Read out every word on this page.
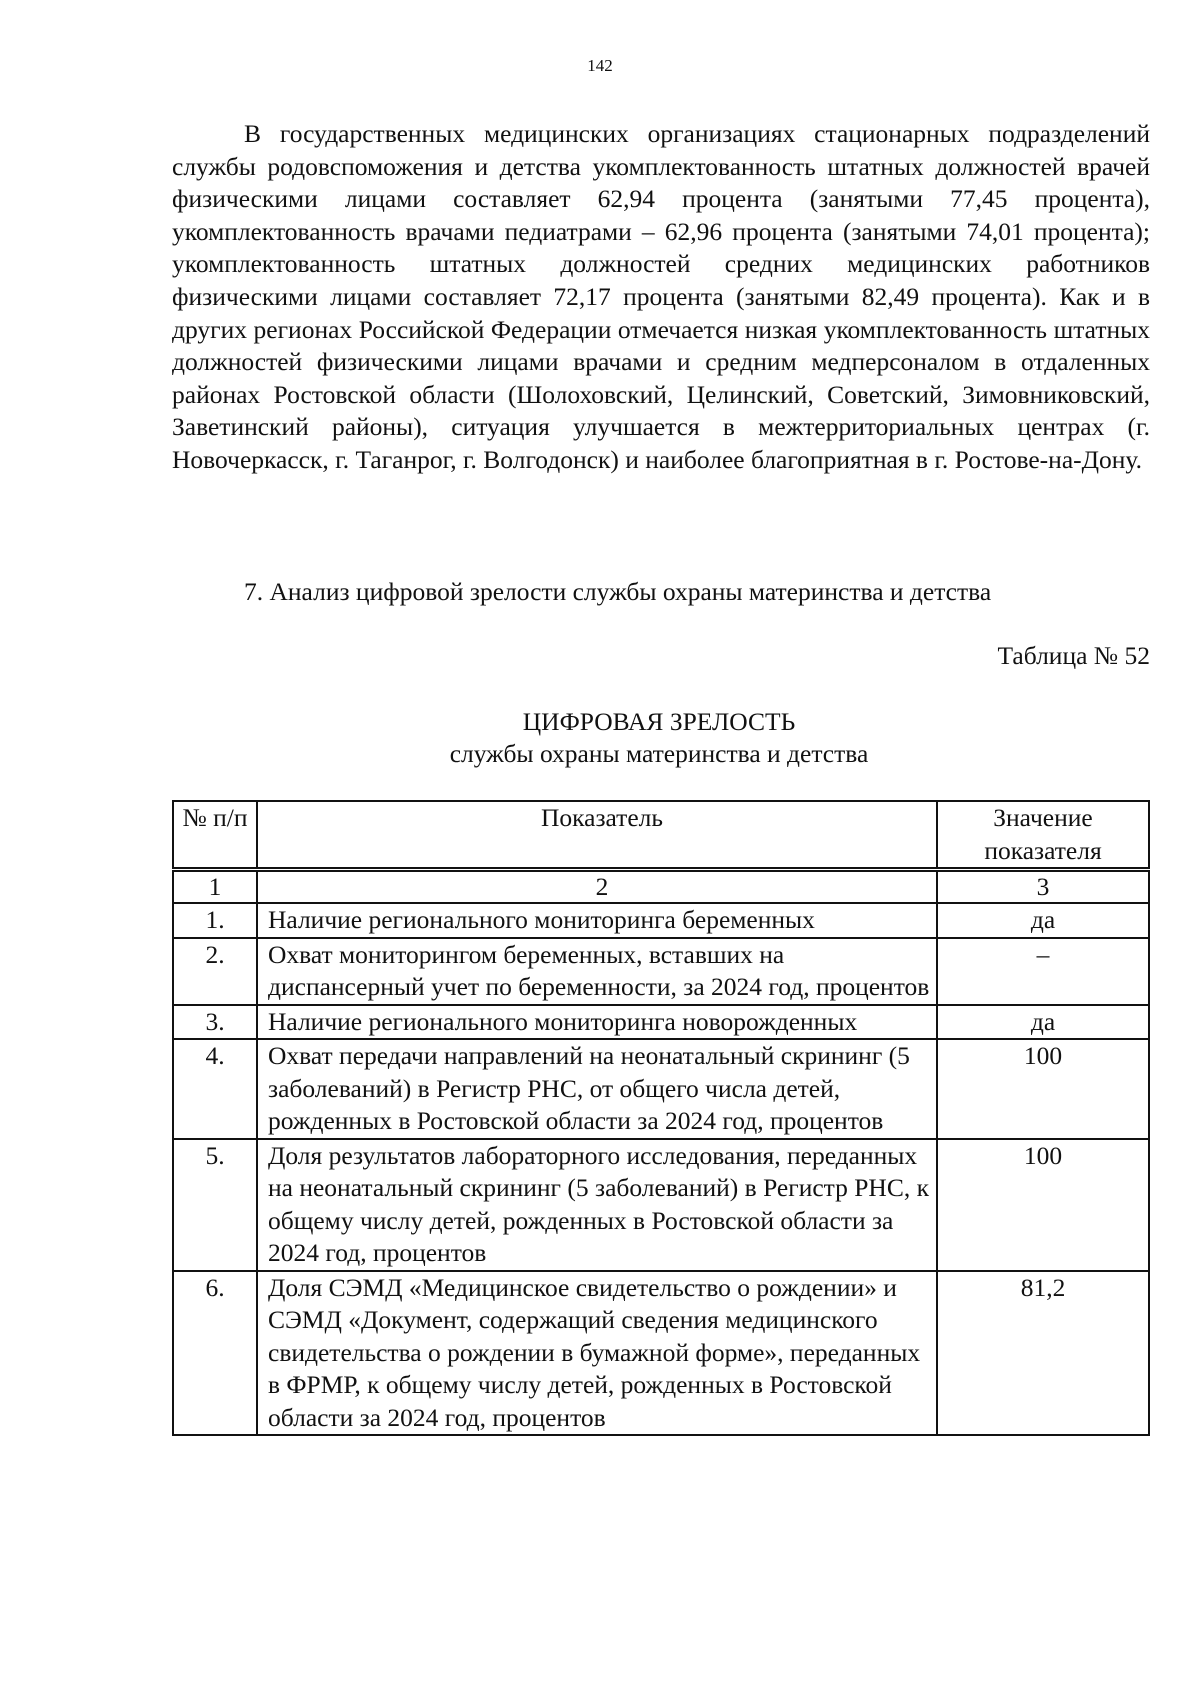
142

В государственных медицинских организациях стационарных подразделений службы родовспоможения и детства укомплектованность штатных должностей врачей физическими лицами составляет 62,94 процента (занятыми 77,45 процента), укомплектованность врачами педиатрами – 62,96 процента (занятыми 74,01 процента); укомплектованность штатных должностей средних медицинских работников физическими лицами составляет 72,17 процента (занятыми 82,49 процента). Как и в других регионах Российской Федерации отмечается низкая укомплектованность штатных должностей физическими лицами врачами и средним медперсоналом в отдаленных районах Ростовской области (Шолоховский, Целинский, Советский, Зимовниковский, Заветинский районы), ситуация улучшается в межтерриториальных центрах (г. Новочеркасск, г. Таганрог, г. Волгодонск) и наиболее благоприятная в г. Ростове-на-Дону.

7. Анализ цифровой зрелости службы охраны материнства и детства
Таблица № 52
ЦИФРОВАЯ ЗРЕЛОСТЬ
службы охраны материнства и детства
№ п/п	Показатель	Значение показателя
1	2	3
1.	Наличие регионального мониторинга беременных	да
2.	Охват мониторингом беременных, вставших на диспансерный учет по беременности, за 2024 год, процентов	–
3.	Наличие регионального мониторинга новорожденных	да
4.	Охват передачи направлений на неонатальный скрининг (5 заболеваний) в Регистр РНС, от общего числа детей, рожденных в Ростовской области за 2024 год, процентов	100
5.	Доля результатов лабораторного исследования, переданных на неонатальный скрининг (5 заболеваний) в Регистр РНС, к общему числу детей, рожденных в Ростовской области за 2024 год, процентов	100
6.	Доля СЭМД «Медицинское свидетельство о рождении» и СЭМД «Документ, содержащий сведения медицинского свидетельства о рождении в бумажной форме», переданных в ФРМР, к общему числу детей, рожденных в Ростовской области за 2024 год, процентов	81,2
